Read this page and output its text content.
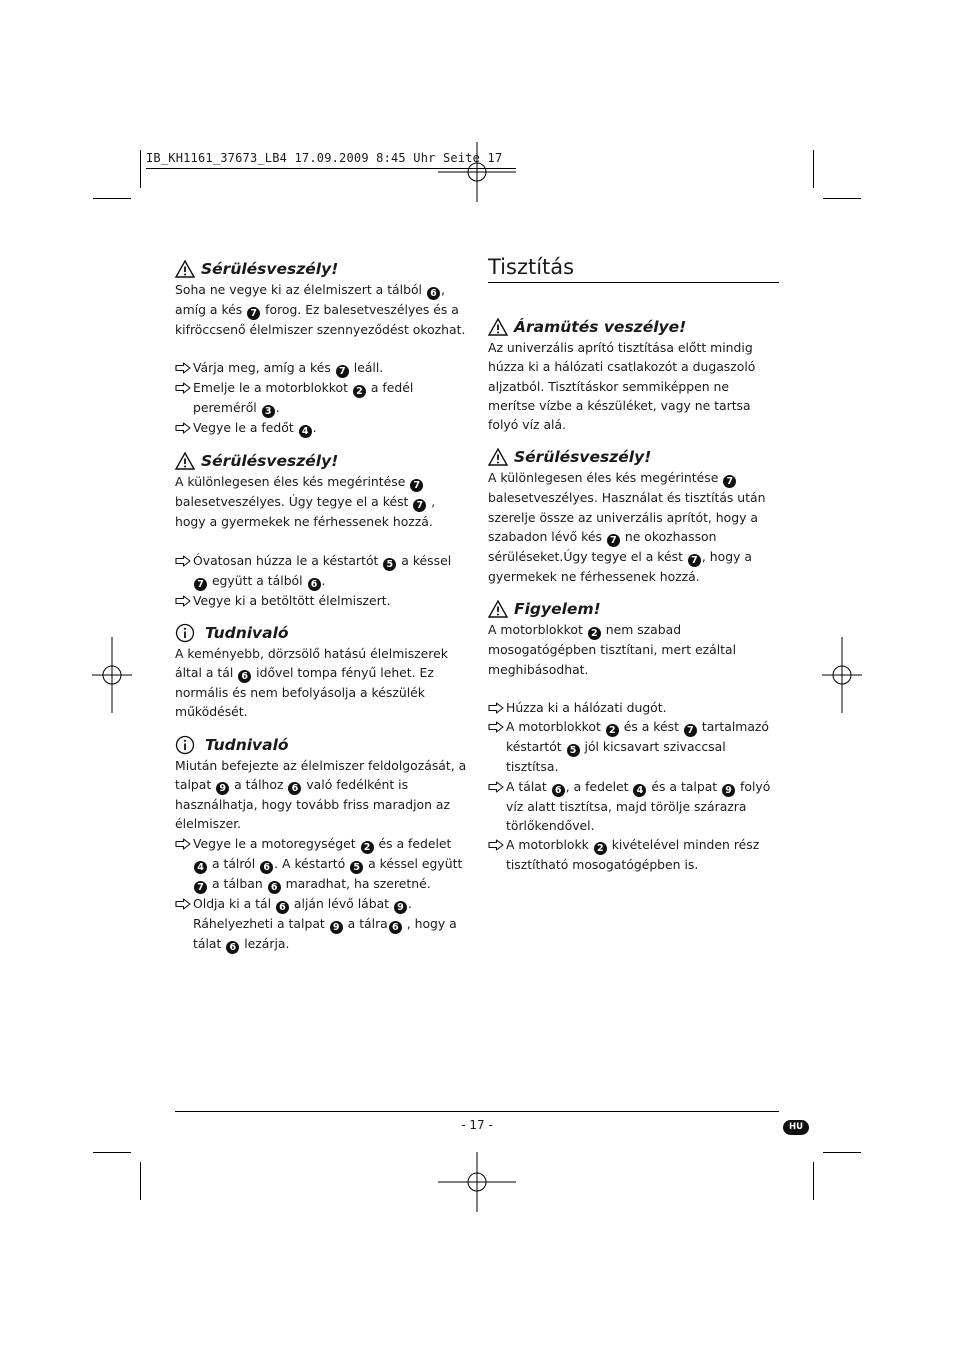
IB_KH1161_37673_LB4 17.09.2009 8:45 Uhr Seite 17
Sérülésveszély!

Soha ne vegye ki az élelmiszert a tálból 6 , amíg a kés 7 forog. Ez balesetveszélyes és a kifröccsenő élelmiszer szennyeződést okozhat.

Várja meg, amíg a kés 7 leáll.
Emelje le a motorblokkot 2 a fedél pereméről 3 .
Vegye le a fedőt 4 .
Sérülésveszély!

A különlegesen éles kés megérintése 7 balesetveszélyes. Úgy tegye el a kést 7 , hogy a gyermekek ne férhessenek hozzá.

Óvatosan húzza le a késtartót 5 a késsel 7 együtt a tálból 6 .
Vegye ki a betöltött élelmiszert.
Tudnivaló

A keményebb, dörzsölő hatású élelmiszerek által a tál 6 idővel tompa fényű lehet. Ez normális és nem befolyásolja a készülék működését.

Tudnivaló

Miután befejezte az élelmiszer feldolgozását, a talpat 9 a tálhoz 6 való fedélként is használhatja, hogy tovább friss maradjon az élelmiszer.

Vegye le a motoregységet 2 és a fedelet 4 a tálról 6 . A késtartó 5 a késsel együtt 7 a tálban 6 maradhat, ha szeretné.
Oldja ki a tál 6 alján lévő lábat 9 . Ráhelyezheti a talpat 9 a tálra 6 , hogy a tálat 6 lezárja.
Tisztítás
Áramütés veszélye!

Az univerzális aprító tisztítása előtt mindig húzza ki a hálózati csatlakozót a dugaszoló aljzatból. Tisztításkor semmiképpen ne merítse vízbe a készüléket, vagy ne tartsa folyó víz alá.

Sérülésveszély!

A különlegesen éles kés megérintése 7 balesetveszélyes. Használat és tisztítás után szerelje össze az univerzális aprítót, hogy a szabadon lévő kés 7 ne okozhasson sérüléseket.Úgy tegye el a kést 7 , hogy a gyermekek ne férhessenek hozzá.

Figyelem!

A motorblokkot 2 nem szabad mosogatógépben tisztítani, mert ezáltal meghibásodhat.

Húzza ki a hálózati dugót.
A motorblokkot 2 és a kést 7 tartalmazó késtartót 5 jól kicsavart szivaccsal tisztítsa.
A tálat 6 , a fedelet 4 és a talpat 9 folyó víz alatt tisztítsa, majd törölje szárazra törlőkendővel.
A motorblokk 2 kivételével minden rész tisztítható mosogatógépben is.
- 17 -	HU
